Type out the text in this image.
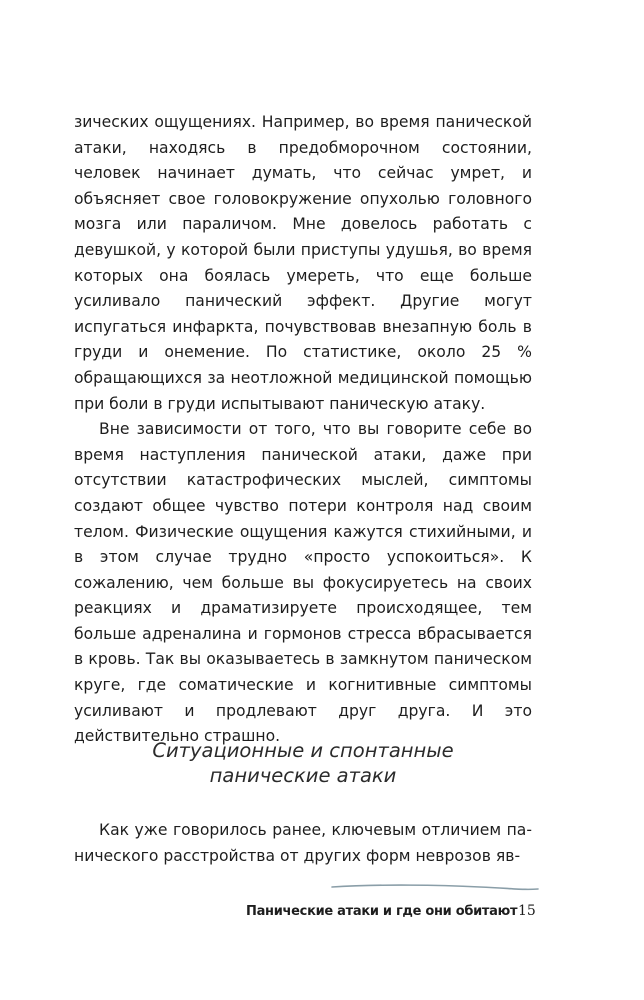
зических ощущениях. Например, во время панической атаки, находясь в предобморочном состоянии, человек начинает думать, что сейчас умрет, и объясняет свое головокружение опухолью головного мозга или параличом. Мне довелось работать с девушкой, у которой были приступы удушья, во время которых она боялась умереть, что еще больше усиливало панический эффект. Другие могут испугаться инфаркта, почувствовав внезапную боль в груди и онемение. По статистике, около 25 % обращающихся за неотложной медицинской помощью при боли в груди испытывают паническую атаку.

Вне зависимости от того, что вы говорите себе во время наступления панической атаки, даже при отсутствии катастрофических мыслей, симптомы создают общее чувство потери контроля над своим телом. Физические ощущения кажутся стихийными, и в этом случае трудно «просто успокоиться». К сожалению, чем больше вы фокусируетесь на своих реакциях и драматизируете происходящее, тем больше адреналина и гормонов стресса вбрасывается в кровь. Так вы оказываетесь в замкнутом паническом круге, где соматические и когнитивные симптомы усиливают и продлевают друг друга. И это действительно страшно.

Ситуационные и спонтанные
панические атаки

Как уже говорилось ранее, ключевым отличием панического расстройства от других форм неврозов яв-

Панические атаки и где они обитают 15
